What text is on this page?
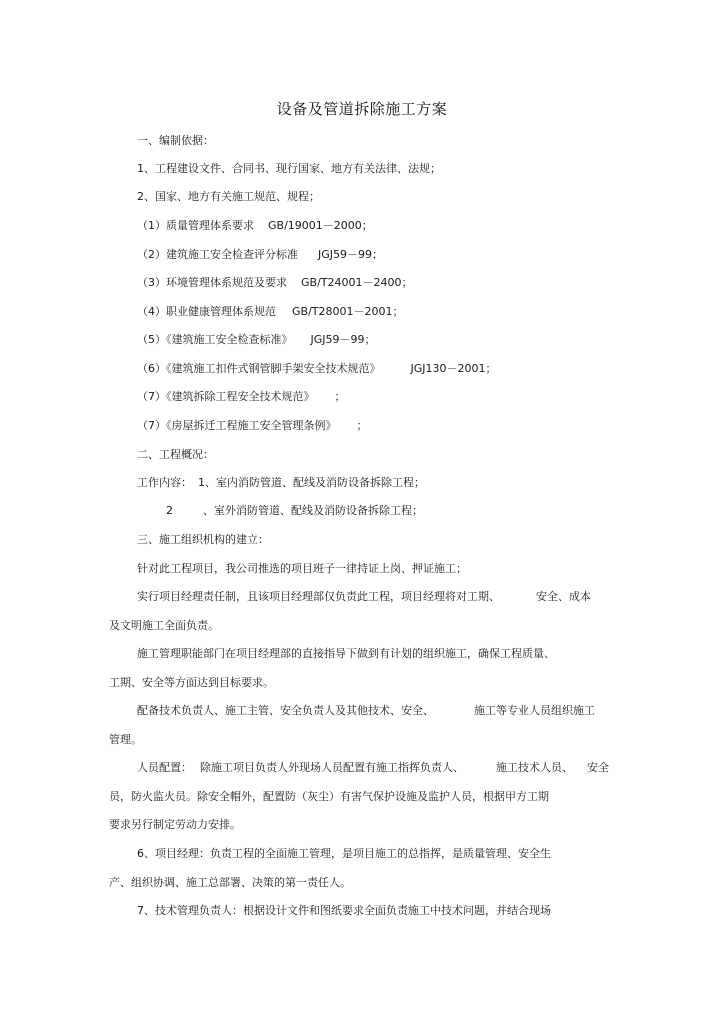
设备及管道拆除施工方案
一、编制依据：
1、工程建设文件、合同书、现行国家、地方有关法律、法规；
2、国家、地方有关施工规范、规程；
（1）质量管理体系要求 GB/19001－2000；
（2）建筑施工安全检查评分标准 JGJ59－99；
（3）环境管理体系规范及要求 GB/T24001－2400；
（4）职业健康管理体系规范 GB/T28001－2001；
（5）《建筑施工安全检查标准》 JGJ59－99；
（6）《建筑施工扣件式钢管脚手架安全技术规范》	JGJ130－2001；
（7）《建筑拆除工程安全技术规范》 ；
（7）《房屋拆迁工程施工安全管理条例》 ；
二、工程概况：
工作内容： 1、室内消防管道、配线及消防设备拆除工程；
2	、室外消防管道、配线及消防设备拆除工程；
三、施工组织机构的建立：
针对此工程项目，我公司推选的项目班子一律持证上岗、押证施工；
实行项目经理责任制，且该项目经理部仅负责此工程，项目经理将对工期、	安全、成本
及文明施工全面负责。
施工管理职能部门在项目经理部的直接指导下做到有计划的组织施工，确保工程质量、
工期、安全等方面达到目标要求。
配备技术负责人、施工主管、安全负责人及其他技术、安全、	施工等专业人员组织施工
管理。
人员配置： 除施工项目负责人外现场人员配置有施工指挥负责人、	施工技术人员、 安全
员，防火监火员。除安全帽外，配置防（灰尘）有害气保护设施及监护人员，根据甲方工期
要求另行制定劳动力安排。
6、项目经理：负责工程的全面施工管理，是项目施工的总指挥，是质量管理、安全生
产、组织协调、施工总部署、决策的第一责任人。
7、技术管理负责人：根据设计文件和图纸要求全面负责施工中技术问题，并结合现场
